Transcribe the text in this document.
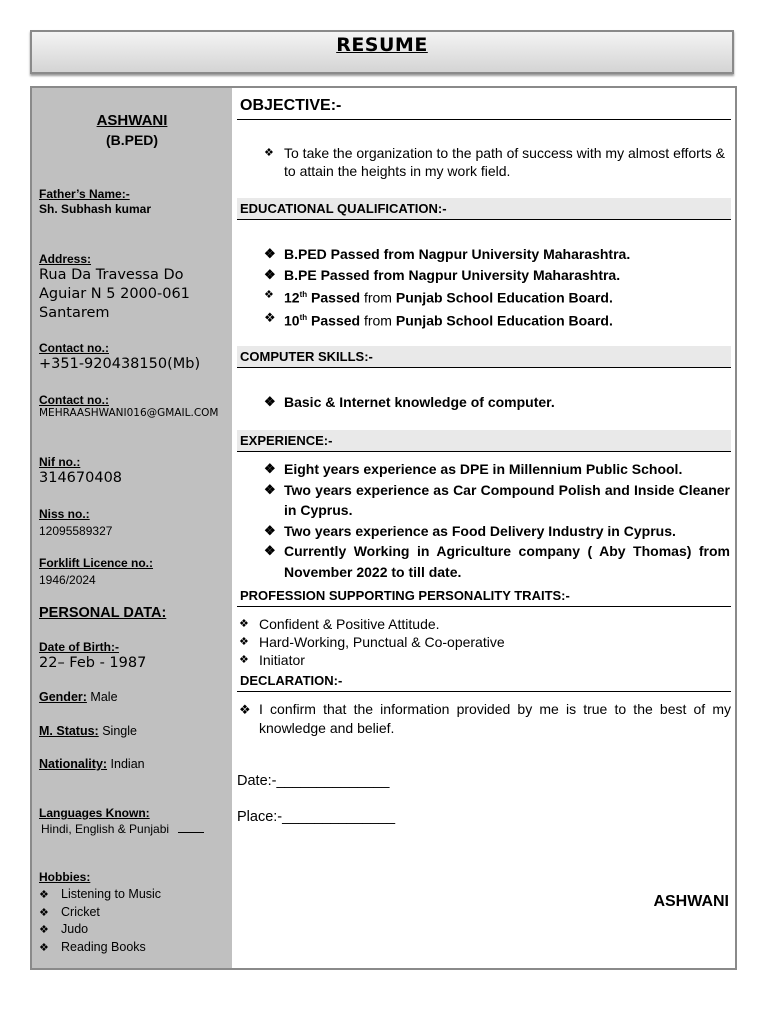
RESUME
ASHWANI
(B.PED)
Father’s Name:-
Sh. Subhash kumar
Address:
Rua Da Travessa Do
Aguiar N 5 2000-061
Santarem
Contact no.:
+351-920438150(Mb)
Contact no.:
MEHRAASHWANI016@GMAIL.COM
Nif no.:
314670408
Niss no.:
12095589327
Forklift Licence no.:
1946/2024
PERSONAL DATA:
Date of Birth:-
22– Feb - 1987
Gender: Male
M. Status: Single
Nationality: Indian
Languages Known:
Hindi, English & Punjabi
Hobbies:
❖ Listening to Music
❖ Cricket
❖ Judo
❖ Reading Books
OBJECTIVE:-
❖ To take the organization to the path of success with my almost efforts & to attain the heights in my work field.
EDUCATIONAL QUALIFICATION:-
❖ B.PED Passed from Nagpur University Maharashtra.
❖ B.PE Passed from Nagpur University Maharashtra.
❖ 12th Passed from Punjab School Education Board.
❖ 10th Passed from Punjab School Education Board.
COMPUTER SKILLS:-
❖ Basic & Internet knowledge of computer.
EXPERIENCE:-
❖ Eight years experience as DPE in Millennium Public School.
❖ Two years experience as Car Compound Polish and Inside Cleaner in Cyprus.
❖ Two years experience as Food Delivery Industry in Cyprus.
❖ Currently Working in Agriculture company ( Aby Thomas) from November 2022 to till date.
PROFESSION SUPPORTING PERSONALITY TRAITS:-
❖ Confident & Positive Attitude.
❖ Hard-Working, Punctual & Co-operative
❖ Initiator
DECLARATION:-
❖ I confirm that the information provided by me is true to the best of my knowledge and belief.
Date:-______________
Place:-______________
ASHWANI
